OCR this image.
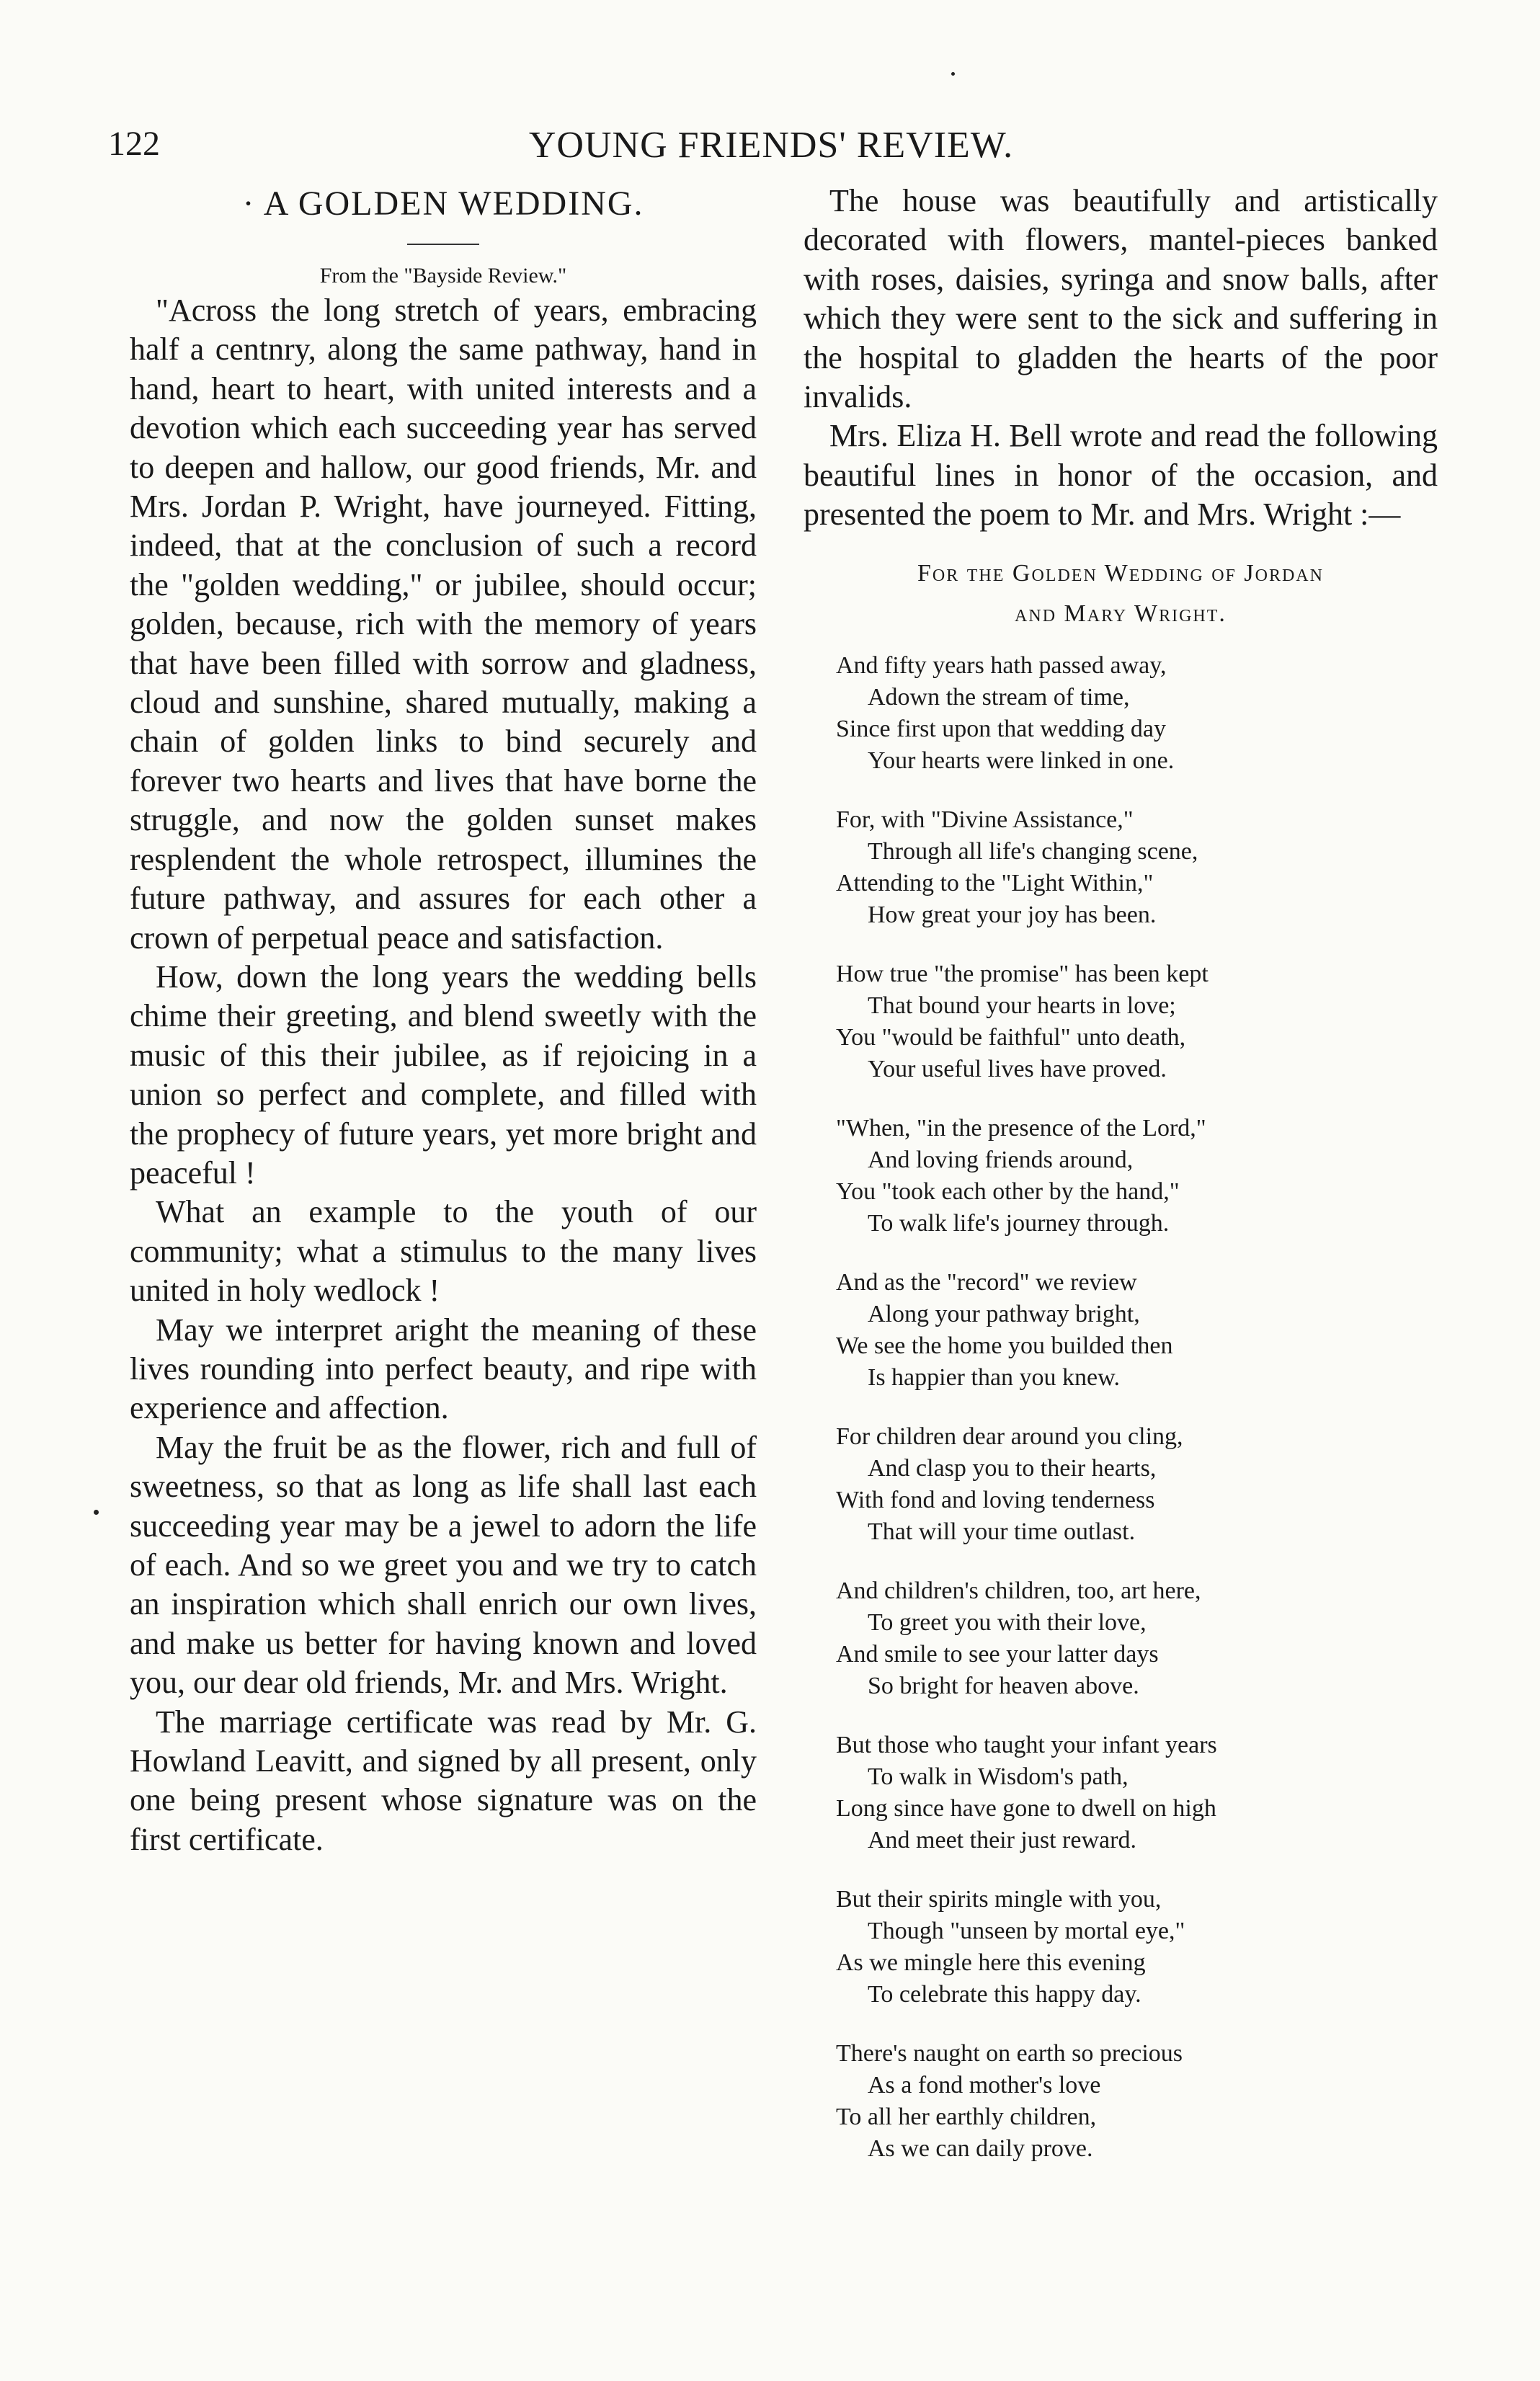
122	YOUNG FRIENDS' REVIEW.
· A GOLDEN WEDDING.
From the "Bayside Review."

"Across the long stretch of years, embracing half a centnry, along the same pathway, hand in hand, heart to heart, with united interests and a devotion which each succeeding year has served to deepen and hallow, our good friends, Mr. and Mrs. Jordan P. Wright, have journeyed. Fitting, indeed, that at the conclusion of such a record the "golden wedding," or jubilee, should occur; golden, because, rich with the memory of years that have been filled with sorrow and gladness, cloud and sunshine, shared mutually, making a chain of golden links to bind securely and forever two hearts and lives that have borne the struggle, and now the golden sunset makes resplendent the whole retrospect, illumines the future pathway, and assures for each other a crown of perpetual peace and satisfaction.

How, down the long years the wedding bells chime their greeting, and blend sweetly with the music of this their jubilee, as if rejoicing in a union so perfect and complete, and filled with the prophecy of future years, yet more bright and peaceful !

What an example to the youth of our community; what a stimulus to the many lives united in holy wedlock !

May we interpret aright the meaning of these lives rounding into perfect beauty, and ripe with experience and affection.

May the fruit be as the flower, rich and full of sweetness, so that as long as life shall last each succeeding year may be a jewel to adorn the life of each. And so we greet you and we try to catch an inspiration which shall enrich our own lives, and make us better for having known and loved you, our dear old friends, Mr. and Mrs. Wright.

The marriage certificate was read by Mr. G. Howland Leavitt, and signed by all present, only one being present whose signature was on the first certificate.

The house was beautifully and artistically decorated with flowers, mantel-pieces banked with roses, daisies, syringa and snow balls, after which they were sent to the sick and suffering in the hospital to gladden the hearts of the poor invalids.

Mrs. Eliza H. Bell wrote and read the following beautiful lines in honor of the occasion, and presented the poem to Mr. and Mrs. Wright :—

For the Golden Wedding of Jordan
and Mary Wright.
And fifty years hath passed away,
Adown the stream of time,
Since first upon that wedding day
Your hearts were linked in one.
For, with "Divine Assistance,"
Through all life's changing scene,
Attending to the "Light Within,"
How great your joy has been.
How true "the promise" has been kept
That bound your hearts in love;
You "would be faithful" unto death,
Your useful lives have proved.
"When, "in the presence of the Lord,"
And loving friends around,
You "took each other by the hand,"
To walk life's journey through.
And as the "record" we review
Along your pathway bright,
We see the home you builded then
Is happier than you knew.
For children dear around you cling,
And clasp you to their hearts,
With fond and loving tenderness
That will your time outlast.
And children's children, too, art here,
To greet you with their love,
And smile to see your latter days
So bright for heaven above.
But those who taught your infant years
To walk in Wisdom's path,
Long since have gone to dwell on high
And meet their just reward.
But their spirits mingle with you,
Though "unseen by mortal eye,"
As we mingle here this evening
To celebrate this happy day.
There's naught on earth so precious
As a fond mother's love
To all her earthly children,
As we can daily prove.
